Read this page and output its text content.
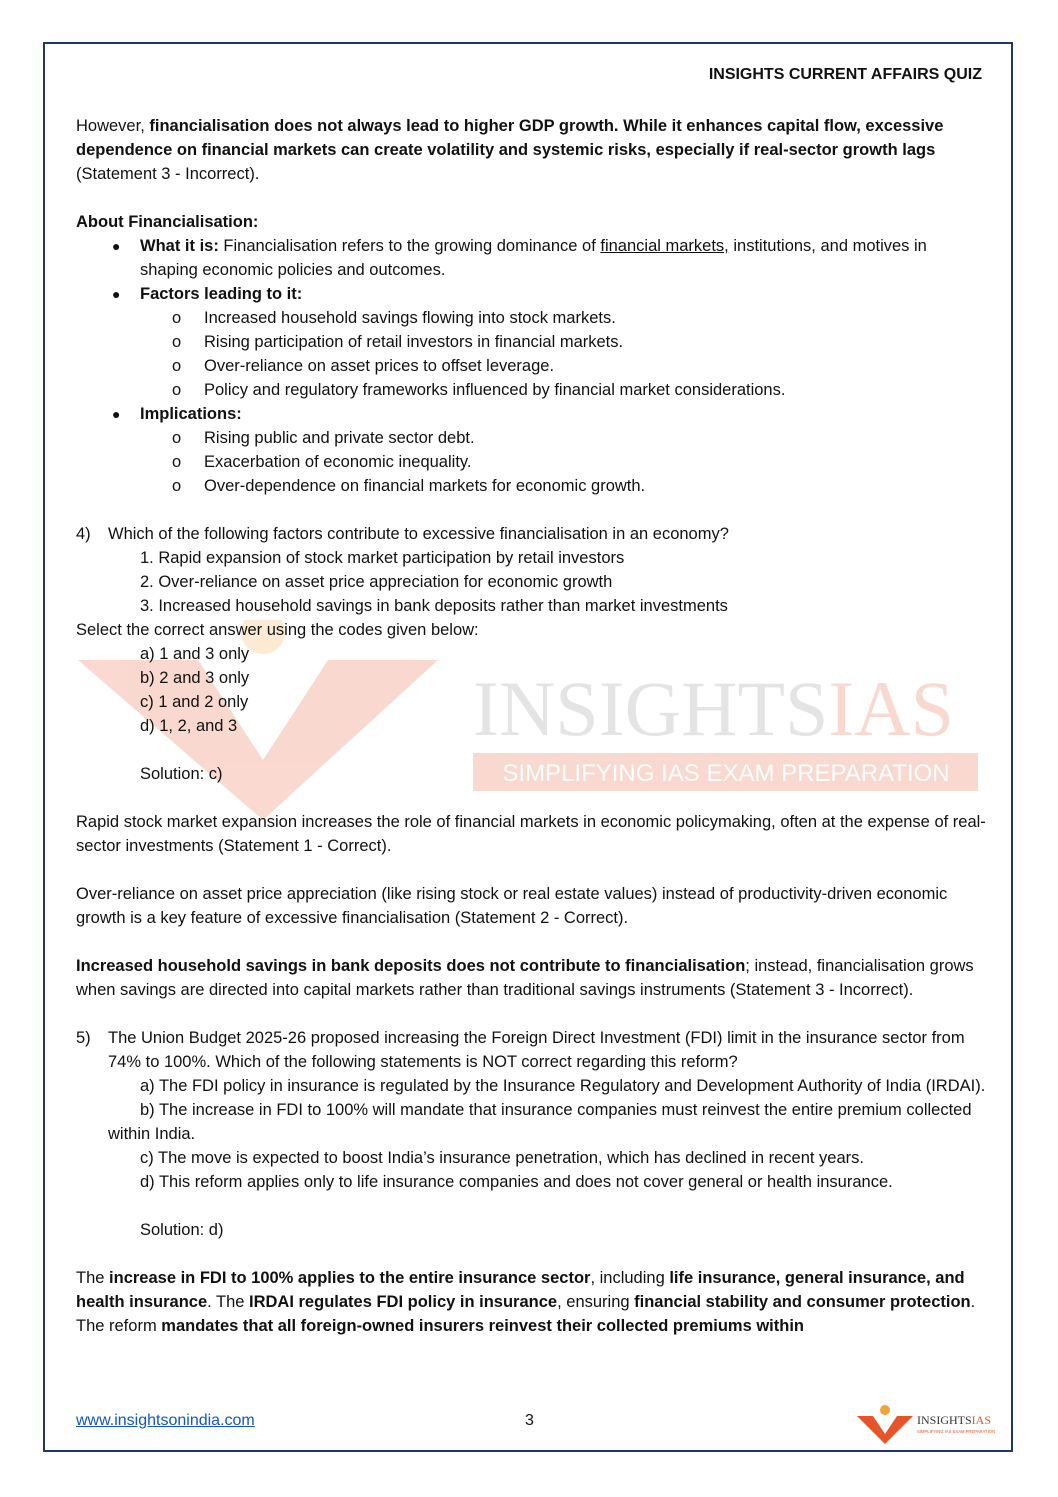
INSIGHTSIAS
SIMPLIFYING IAS EXAM PREPARATION
INSIGHTS CURRENT AFFAIRS QUIZ

However, financialisation does not always lead to higher GDP growth. While it enhances capital flow, excessive dependence on financial markets can create volatility and systemic risks, especially if real-sector growth lags (Statement 3 - Incorrect).

About Financialisation:

● What it is: Financialisation refers to the growing dominance of financial markets, institutions, and motives in shaping economic policies and outcomes.
● Factors leading to it:
o Increased household savings flowing into stock markets.
o Rising participation of retail investors in financial markets.
o Over-reliance on asset prices to offset leverage.
o Policy and regulatory frameworks influenced by financial market considerations.
● Implications:
o Rising public and private sector debt.
o Exacerbation of economic inequality.
o Over-dependence on financial markets for economic growth.
4) Which of the following factors contribute to excessive financialisation in an economy?

1. Rapid expansion of stock market participation by retail investors

2. Over-reliance on asset price appreciation for economic growth

3. Increased household savings in bank deposits rather than market investments

Select the correct answer using the codes given below:

a) 1 and 3 only

b) 2 and 3 only

c) 1 and 2 only

d) 1, 2, and 3

Solution: c)

Rapid stock market expansion increases the role of financial markets in economic policymaking, often at the expense of real-sector investments (Statement 1 - Correct).

Over-reliance on asset price appreciation (like rising stock or real estate values) instead of productivity-driven economic growth is a key feature of excessive financialisation (Statement 2 - Correct).

Increased household savings in bank deposits does not contribute to financialisation; instead, financialisation grows when savings are directed into capital markets rather than traditional savings instruments (Statement 3 - Incorrect).

5) The Union Budget 2025-26 proposed increasing the Foreign Direct Investment (FDI) limit in the insurance sector from 74% to 100%. Which of the following statements is NOT correct regarding this reform?
a) The FDI policy in insurance is regulated by the Insurance Regulatory and Development Authority of India (IRDAI).
b) The increase in FDI to 100% will mandate that insurance companies must reinvest the entire premium collected within India.

c) The move is expected to boost India’s insurance penetration, which has declined in recent years.

d) This reform applies only to life insurance companies and does not cover general or health insurance.

Solution: d)

The increase in FDI to 100% applies to the entire insurance sector, including life insurance, general insurance, and health insurance. The IRDAI regulates FDI policy in insurance, ensuring financial stability and consumer protection. The reform mandates that all foreign-owned insurers reinvest their collected premiums within

www.insightsonindia.com	3	INSIGHTSIAS
SIMPLIFYING IAS EXAM PREPARATION
